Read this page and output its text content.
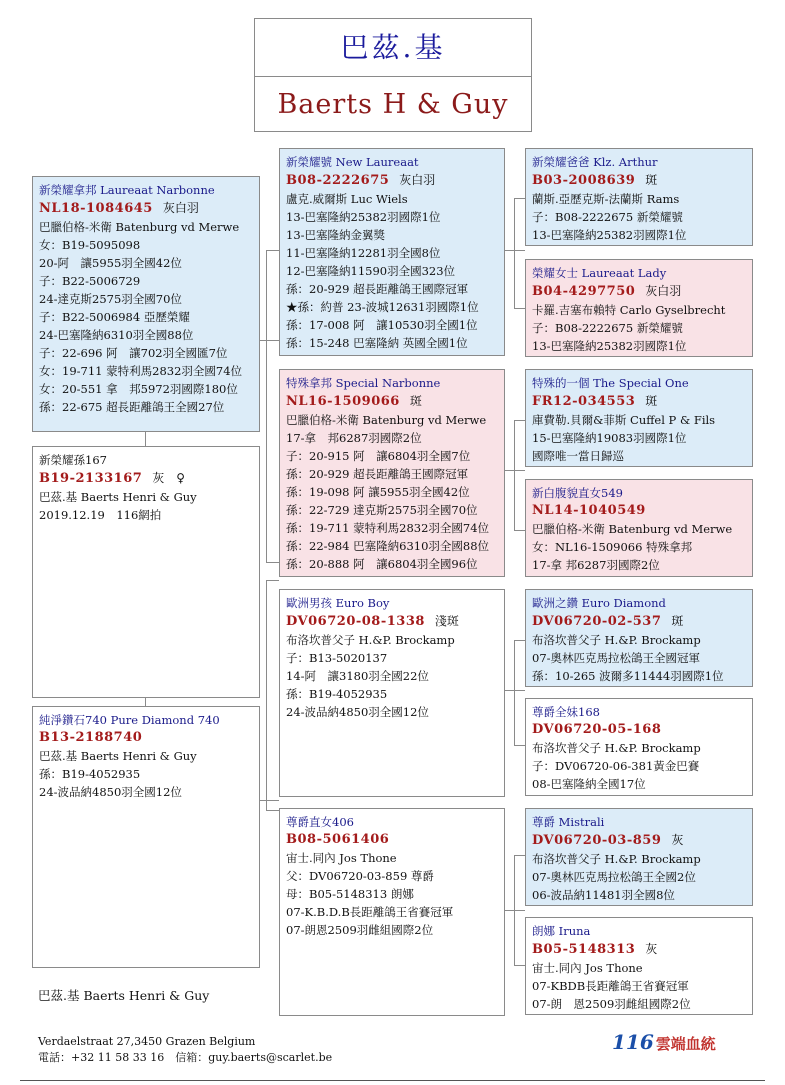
巴茲.基
Baerts H & Guy
新榮耀拿邦 Laureaat Narbonne
NL18-1084645 灰白羽
巴臘伯格-米衛 Batenburg vd Merwe
女：B19-5095098
20-阿　讓5955羽全國42位
子：B22-5006729
24-達克斯2575羽全國70位
子：B22-5006984 亞歷榮耀
24-巴塞隆納6310羽全國88位
子：22-696 阿　讓702羽全國匯7位
女：19-711 蒙特利馬2832羽全國74位
女：20-551 拿　邦5972羽國際180位
孫：22-675 超長距離鴿王全國27位
新榮耀孫167
B19-2133167 灰　♀
巴茲.基 Baerts Henri & Guy
2019.12.19　116網拍
純淨鑽石740 Pure Diamond 740
B13-2188740
巴茲.基 Baerts Henri & Guy
孫：B19-4052935
24-波品納4850羽全國12位
新榮耀號 New Laureaat
B08-2222675 灰白羽
盧克.威爾斯 Luc Wiels
13-巴塞隆納25382羽國際1位
13-巴塞隆納金翼獎
11-巴塞隆納12281羽全國8位
12-巴塞隆納11590羽全國323位
孫：20-929 超長距離鴿王國際冠軍
★孫：約普 23-波城12631羽國際1位
孫：17-008 阿　讓10530羽全國1位
孫：15-248 巴塞隆納 英國全國1位
特殊拿邦 Special Narbonne
NL16-1509066 斑
巴臘伯格-米衛 Batenburg vd Merwe
17-拿　邦6287羽國際2位
子：20-915 阿　讓6804羽全國7位
孫：20-929 超長距離鴿王國際冠軍
孫：19-098 阿 讓5955羽全國42位
孫：22-729 達克斯2575羽全國70位
孫：19-711 蒙特利馬2832羽全國74位
孫：22-984 巴塞隆納6310羽全國88位
孫：20-888 阿　讓6804羽全國96位
歐洲男孩 Euro Boy
DV06720-08-1338 淺斑
布洛坎普父子 H.&P. Brockamp
子：B13-5020137
14-阿　讓3180羽全國22位
孫：B19-4052935
24-波品納4850羽全國12位
尊爵直女406
B08-5061406
宙士.同內 Jos Thone
父：DV06720-03-859 尊爵
母：B05-5148313 朗娜
07-K.B.D.B長距離鴿王省賽冠軍
07-朗恩2509羽雌組國際2位
新榮耀爸爸 Klz. Arthur
B03-2008639 斑
蘭斯.亞歷克斯-法蘭斯 Rams
子：B08-2222675 新榮耀號
13-巴塞隆納25382羽國際1位
榮耀女士 Laureaat Lady
B04-4297750 灰白羽
卡羅.吉塞布賴特 Carlo Gyselbrecht
子：B08-2222675 新榮耀號
13-巴塞隆納25382羽國際1位
特殊的一個 The Special One
FR12-034553 斑
庫費勒.貝爾&菲斯 Cuffel P & Fils
15-巴塞隆納19083羽國際1位
國際唯一當日歸巡
新白腹貌直女549
NL14-1040549
巴臘伯格-米衛 Batenburg vd Merwe
女：NL16-1509066 特殊拿邦
17-拿 邦6287羽國際2位
歐洲之鑽 Euro Diamond
DV06720-02-537 斑
布洛坎普父子 H.&P. Brockamp
07-奧林匹克馬拉松鴿王全國冠軍
孫：10-265 波爾多11444羽國際1位
尊爵全妹168
DV06720-05-168
布洛坎普父子 H.&P. Brockamp
子：DV06720-06-381黃金巴賽
08-巴塞隆納全國17位
尊爵 Mistrali
DV06720-03-859 灰
布洛坎普父子 H.&P. Brockamp
07-奧林匹克馬拉松鴿王全國2位
06-波品納11481羽全國8位
朗娜 Iruna
B05-5148313 灰
宙士.同內 Jos Thone
07-KBDB長距離鴿王省賽冠軍
07-朗　恩2509羽雌組國際2位
巴茲.基 Baerts Henri & Guy
Verdaelstraat 27,3450 Grazen Belgium
電話：+32 11 58 33 16　信箱：guy.baerts@scarlet.be
116 雲端血統
